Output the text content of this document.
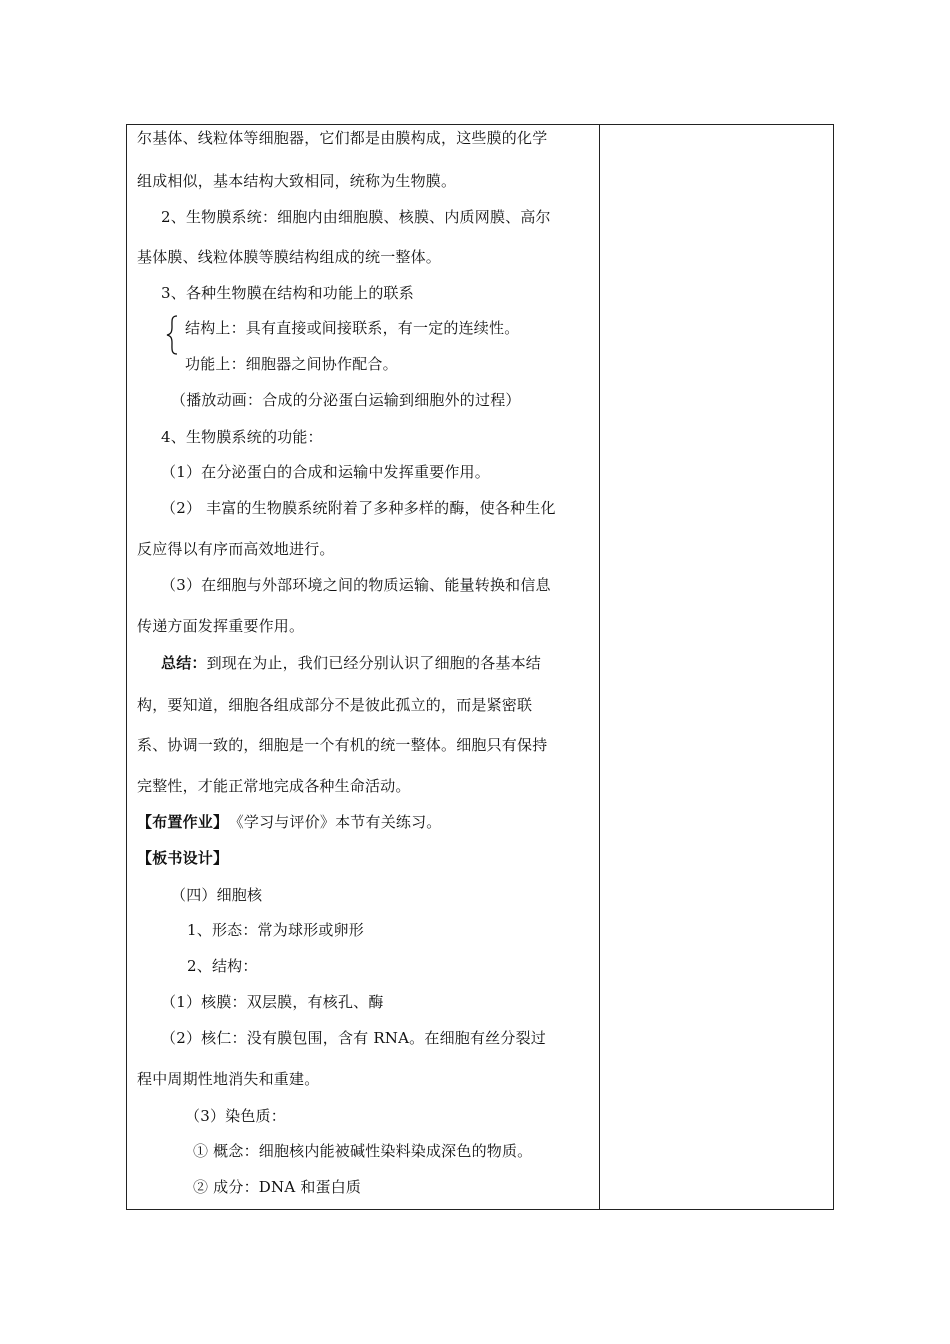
尔基体、线粒体等细胞器，它们都是由膜构成，这些膜的化学
组成相似，基本结构大致相同，统称为生物膜。
2、生物膜系统：细胞内由细胞膜、核膜、内质网膜、高尔
基体膜、线粒体膜等膜结构组成的统一整体。
3、各种生物膜在结构和功能上的联系
结构上：具有直接或间接联系，有一定的连续性。
功能上：细胞器之间协作配合。
（播放动画：合成的分泌蛋白运输到细胞外的过程）
4、生物膜系统的功能：
（1）在分泌蛋白的合成和运输中发挥重要作用。
（2） 丰富的生物膜系统附着了多种多样的酶，使各种生化
反应得以有序而高效地进行。
（3）在细胞与外部环境之间的物质运输、能量转换和信息
传递方面发挥重要作用。
总结：到现在为止，我们已经分别认识了细胞的各基本结
构，要知道，细胞各组成部分不是彼此孤立的，而是紧密联
系、协调一致的，细胞是一个有机的统一整体。细胞只有保持
完整性，才能正常地完成各种生命活动。
【布置作业】 《学习与评价》本节有关练习。
【板书设计】
（四）细胞核
1、形态：常为球形或卵形
2、结构：
（1）核膜：双层膜，有核孔、酶
（2）核仁：没有膜包围，含有 RNA。在细胞有丝分裂过
程中周期性地消失和重建。
（3）染色质：
① 概念：细胞核内能被碱性染料染成深色的物质。
② 成分：DNA 和蛋白质
